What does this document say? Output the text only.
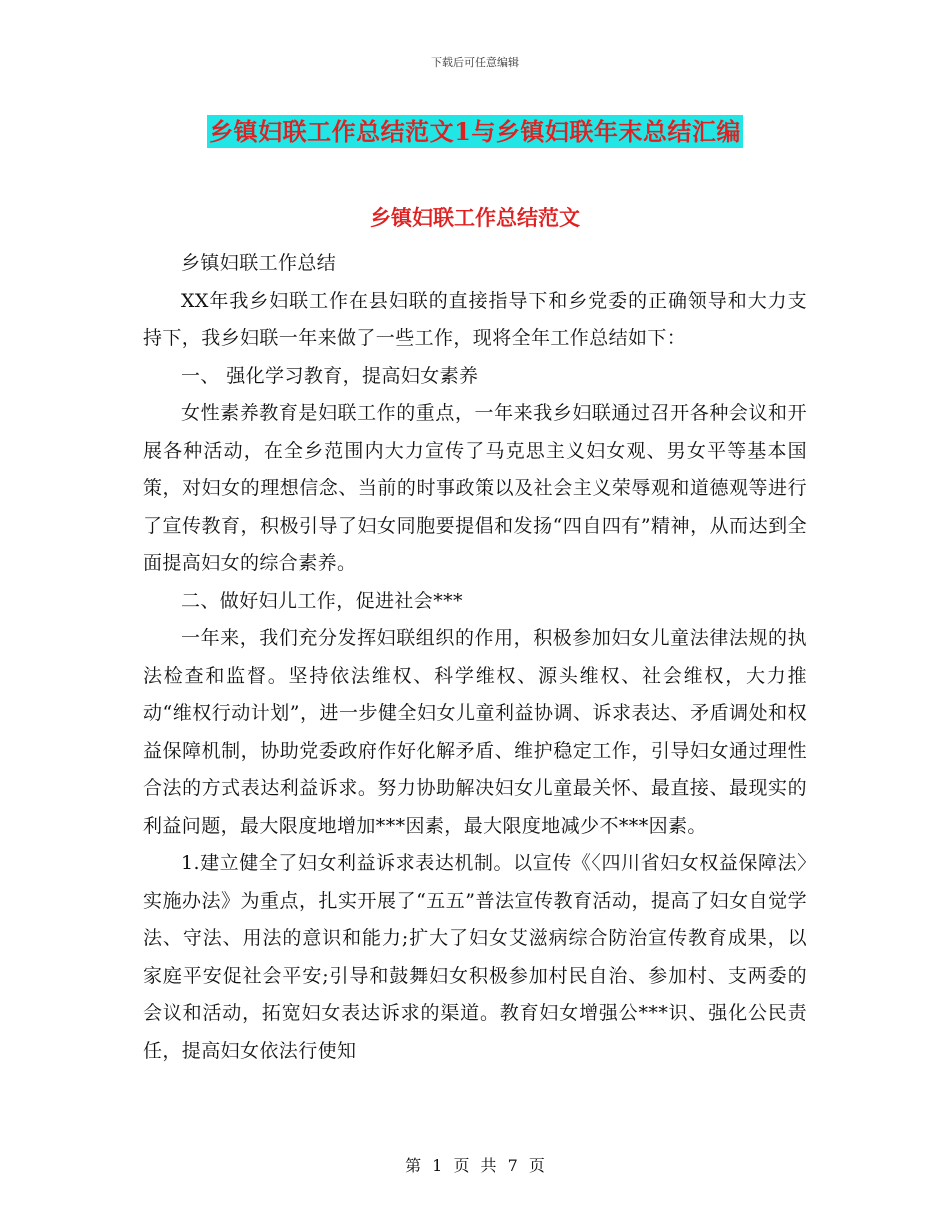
下载后可任意编辑
乡镇妇联工作总结范文1与乡镇妇联年末总结汇编
乡镇妇联工作总结范文

乡镇妇联工作总结

XX年我乡妇联工作在县妇联的直接指导下和乡党委的正确领导和大力支持下，我乡妇联一年来做了一些工作，现将全年工作总结如下：

一、 强化学习教育，提高妇女素养

女性素养教育是妇联工作的重点，一年来我乡妇联通过召开各种会议和开展各种活动，在全乡范围内大力宣传了马克思主义妇女观、男女平等基本国策，对妇女的理想信念、当前的时事政策以及社会主义荣辱观和道德观等进行了宣传教育，积极引导了妇女同胞要提倡和发扬“四自四有”精神，从而达到全面提高妇女的综合素养。

二、做好妇儿工作，促进社会***

一年来，我们充分发挥妇联组织的作用，积极参加妇女儿童法律法规的执法检查和监督。坚持依法维权、科学维权、源头维权、社会维权，大力推动“维权行动计划”，进一步健全妇女儿童利益协调、诉求表达、矛盾调处和权益保障机制，协助党委政府作好化解矛盾、维护稳定工作，引导妇女通过理性合法的方式表达利益诉求。努力协助解决妇女儿童最关怀、最直接、最现实的利益问题，最大限度地增加***因素，最大限度地减少不***因素。

1.建立健全了妇女利益诉求表达机制。以宣传《〈四川省妇女权益保障法〉实施办法》为重点，扎实开展了“五五”普法宣传教育活动，提高了妇女自觉学法、守法、用法的意识和能力;扩大了妇女艾滋病综合防治宣传教育成果，以家庭平安促社会平安;引导和鼓舞妇女积极参加村民自治、参加村、支两委的会议和活动，拓宽妇女表达诉求的渠道。教育妇女增强公***识、强化公民责任，提高妇女依法行使知

第 1 页 共 7 页
